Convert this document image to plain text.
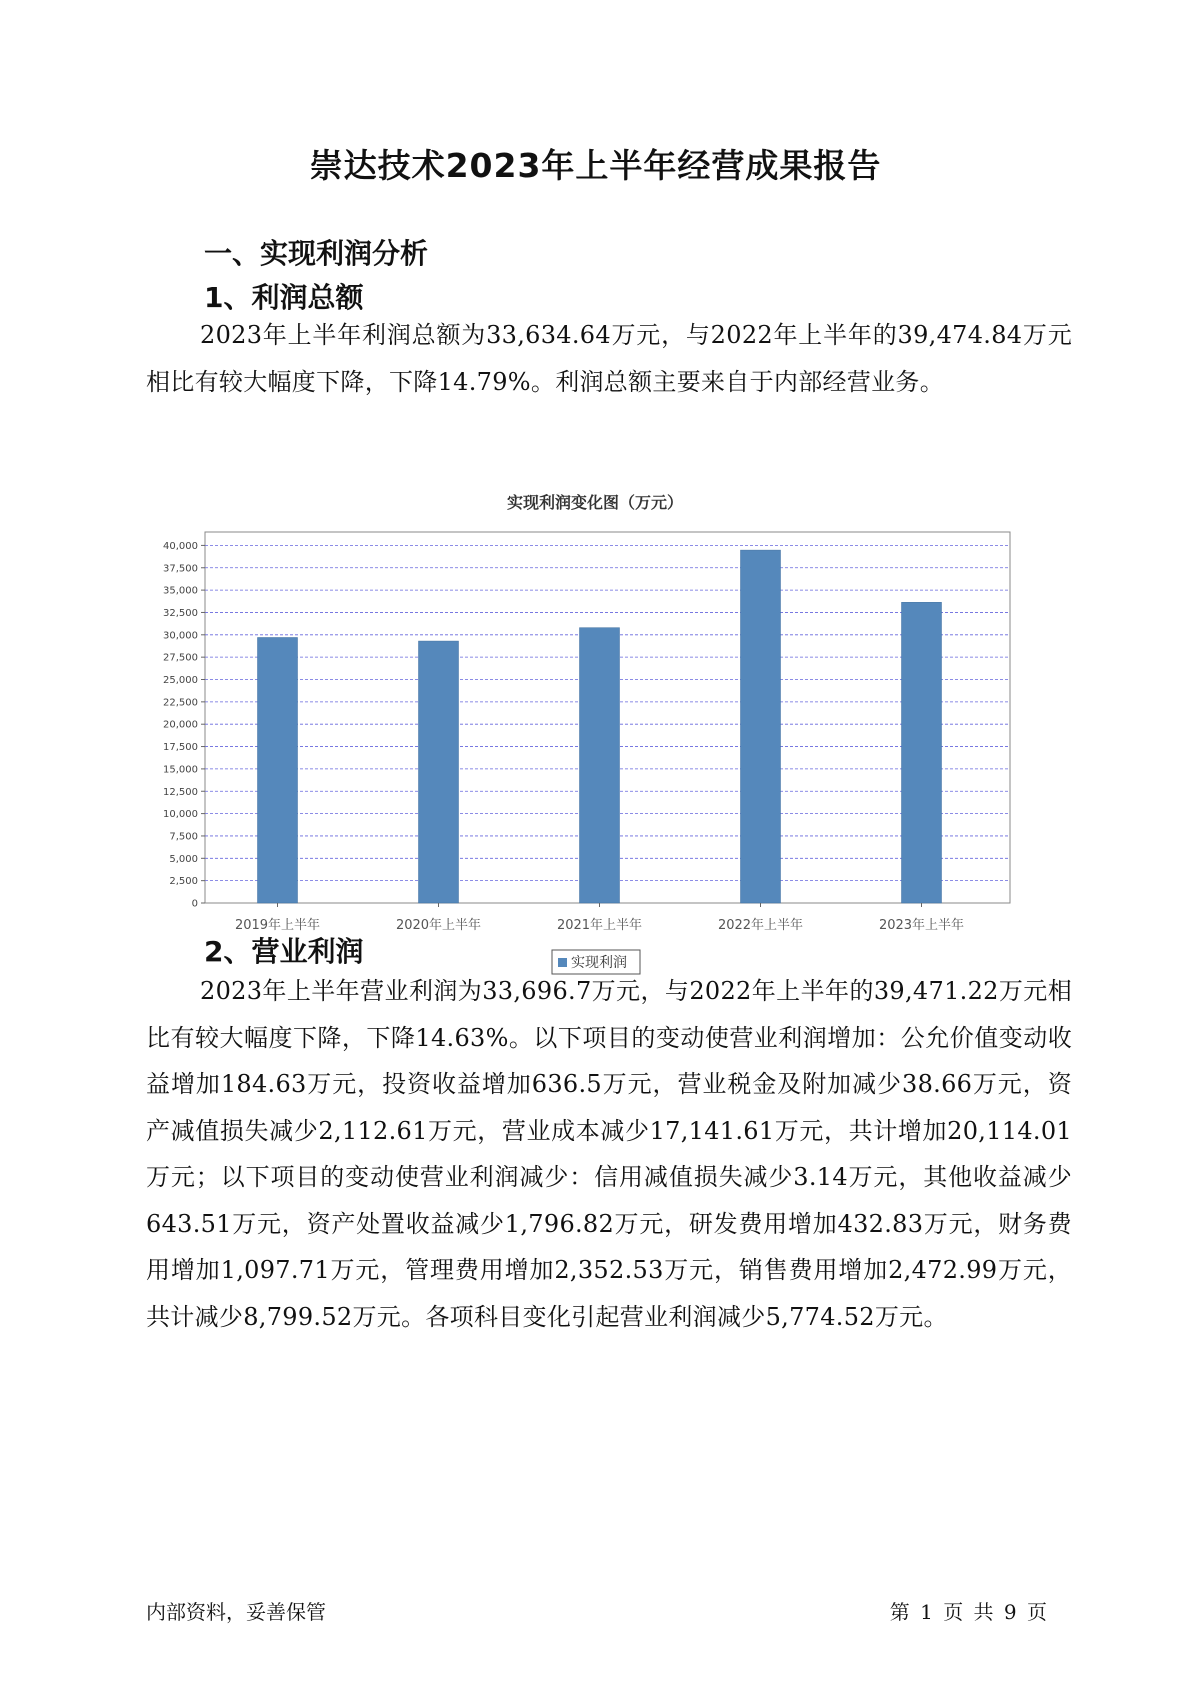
崇达技术2023年上半年经营成果报告
一、实现利润分析
1、利润总额

2023年上半年利润总额为33,634.64万元，与2022年上半年的39,474.84万元相比有较大幅度下降，下降14.79%。利润总额主要来自于内部经营业务。

实现利润变化图（万元）
0
2,500
5,000
7,500
10,000
12,500
15,000
17,500
20,000
22,500
25,000
27,500
30,000
32,500
35,000
37,500
40,000
2019年上半年	2020年上半年	2021年上半年	2022年上半年	2023年上半年
实现利润
2、营业利润

2023年上半年营业利润为33,696.7万元，与2022年上半年的39,471.22万元相比有较大幅度下降，下降14.63%。以下项目的变动使营业利润增加：公允价值变动收益增加184.63万元，投资收益增加636.5万元，营业税金及附加减少38.66万元，资产减值损失减少2,112.61万元，营业成本减少17,141.61万元，共计增加20,114.01万元；以下项目的变动使营业利润减少：信用减值损失减少3.14万元，其他收益减少643.51万元，资产处置收益减少1,796.82万元，研发费用增加432.83万元，财务费用增加1,097.71万元，管理费用增加2,352.53万元，销售费用增加2,472.99万元，共计减少8,799.52万元。各项科目变化引起营业利润减少5,774.52万元。

内部资料，妥善保管	第 1 页 共 9 页
